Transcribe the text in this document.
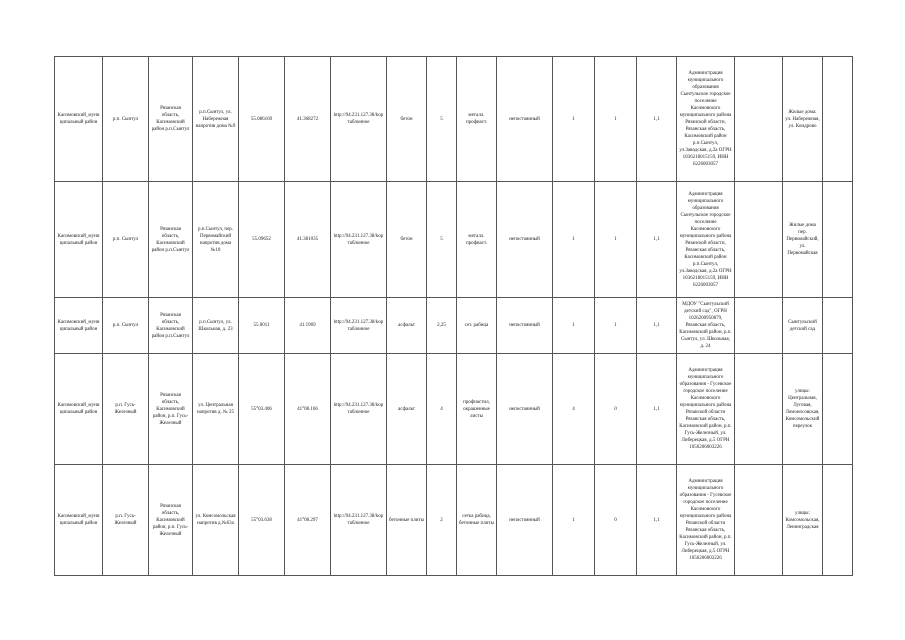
Касимовский_муни ципальный район	р.п. Сынтул	Рязанская область, Касимовский район р.п.Сынтул	р.п.Сынтул, ул. Набережная напротив дома №9	55.086169	41.368272	http://94.231.127.38/kop таблонное	бетон	5	металл. профнаст.	непостоянный	1	1	1,1	Администрация муниципального образования Сынтульское городское поселение Касимовского муниципального района Рязанской области, Рязанская область, Касимовский район р.п.Сынтул, ул.Заводская, д.2а ОГРН 1036218015159, ИНН 6226003057		Жилые дома: ул. Набережная, ул. Кондрово	
Касимовский_муни ципальный район	р.п. Сынтул	Рязанская область, Касимовский район р.п.Сынтул	р.п.Сынтул, пер. Первомайский напротив дома №10	55.09652	41.381035	http://94.231.127.38/kop таблонное	бетон	5	металл. профнаст.	непостоянный	1	1	1,1	Администрация муниципального образования Сынтульское городское поселение Касимовского муниципального района Рязанской области, Рязанская область, Касимовский район р.п.Сынтул, ул.Заводская, д.2а ОГРН 1036218015159, ИНН 6226003057		Жилые дома пер. Первомайский, ул. Первомайская	
Касимовский_муни ципальный район	р.п. Сынтул	Рязанская область, Касимовский район р.п.Сынтул	р.п.Сынтул, ул. Школьная, д. 23	55.0011	41.1969	http://94.231.127.38/kop таблонное	асфальт	2,25	сет. рабица	непостоянный	1	1	1,1	МДОУ "Сынтульский детский сад", ОГРН 1026200950879, Рязанская область, Касимовский район, р.п. Сынтул, ул. Школьная, д. 24		Сынтульский детский сад	
Касимовский_муни ципальный район	р.п. Гусь-Железный	Рязанская область, Касимовский район, р.п. Гусь-Железный	ул. Центральная напротив д. № 25	55°03.406	41°08.166	http://94.231.127.38/kop таблонное	асфальт	4	профнастил, окрашенные листы	непостоянный	4	0	1,1	Администрация муниципального образования - Гусевское городское поселение Касимовского муниципального района Рязанской области Рязанская область, Касимовский район, р.п. Гусь-Железный, ул. Либерецкая, д.5 ОГРН 1056206003226		улицы: Центральная, Луговая, Ломоносовская, Комсомольский переулок	
Касимовский_муни ципальный район	р.п. Гусь-Железный	Рязанская область, Касимовский район, р.п. Гусь-Железный	ул. Комсомольская напротив д.№63а	55°03.638	41°08.297	http://94.231.127.38/kop таблонное	бетонные плиты	2	сетка рабица, бетонные плиты	непостоянный	1	0	1,1	Администрация муниципального образования - Гусевское городское поселение Касимовского муниципального района Рязанской области Рязанская область, Касимовский район, р.п. Гусь-Железный, ул. Либерецкая, д.5 ОГРН 1056206003226		улицы: Комсомольская, Ленинградская	
